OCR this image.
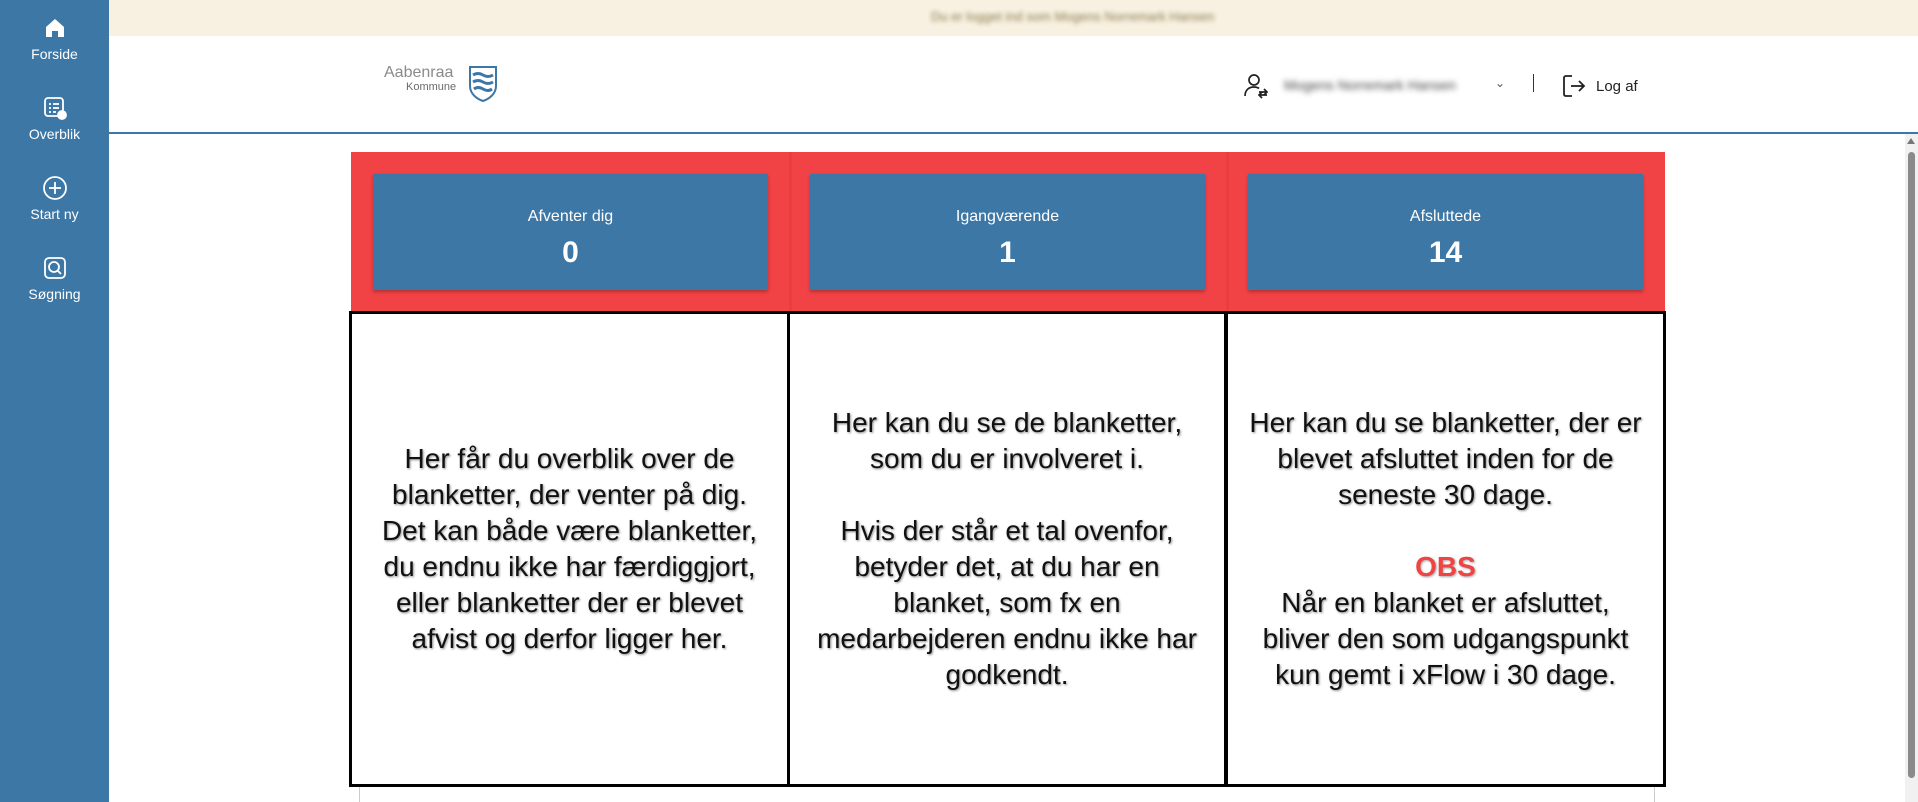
Forside
Overblik
Start ny
Søgning
Du er logget ind som Mogens Norremark Hansen
Aabenraa
Kommune	Mogens Norremark Hansen	⌄	Log af
Afventer dig
0
Igangværende
1
Afsluttede
14
Her får du overblik over de blanketter, der venter på dig. Det kan både være blanketter, du endnu ikke har færdiggjort, eller blanketter der er blevet afvist og derfor ligger her.
Her kan du se de blanketter, som du er involveret i.
Hvis der står et tal ovenfor, betyder det, at du har en blanket, som fx en medarbejderen endnu ikke har godkendt.
Her kan du se blanketter, der er blevet afsluttet inden for de seneste 30 dage.
OBS
Når en blanket er afsluttet, bliver den som udgangspunkt kun gemt i xFlow i 30 dage.
